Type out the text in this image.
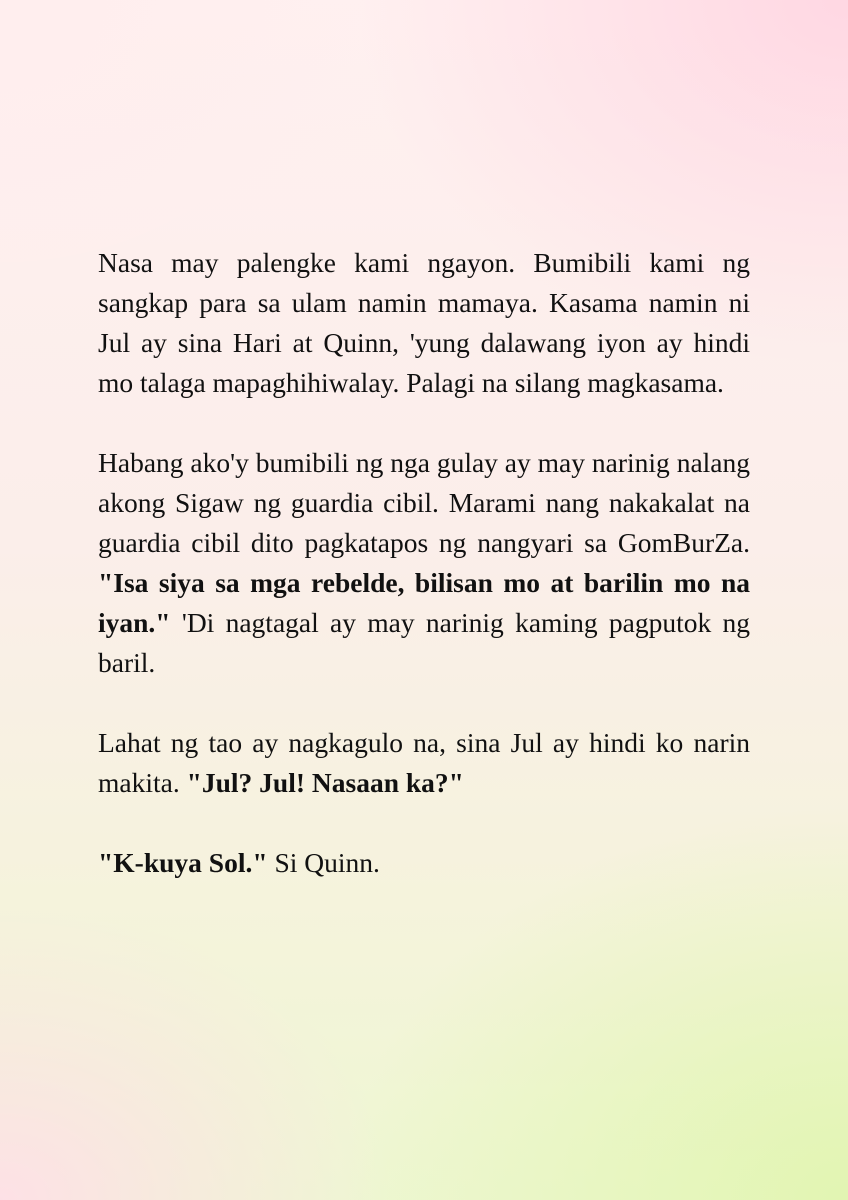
Nasa may palengke kami ngayon. Bumibili kami ng sangkap para sa ulam namin mamaya. Kasama namin ni Jul ay sina Hari at Quinn, 'yung dalawang iyon ay hindi mo talaga mapaghihiwalay. Palagi na silang magkasama.

Habang ako'y bumibili ng nga gulay ay may narinig nalang akong Sigaw ng guardia cibil. Marami nang nakakalat na guardia cibil dito pagkatapos ng nangyari sa GomBurZa. "Isa siya sa mga rebelde, bilisan mo at barilin mo na iyan." 'Di nagtagal ay may narinig kaming pagputok ng baril.

Lahat ng tao ay nagkagulo na, sina Jul ay hindi ko narin makita. "Jul? Jul! Nasaan ka?"

"K-kuya Sol." Si Quinn.
